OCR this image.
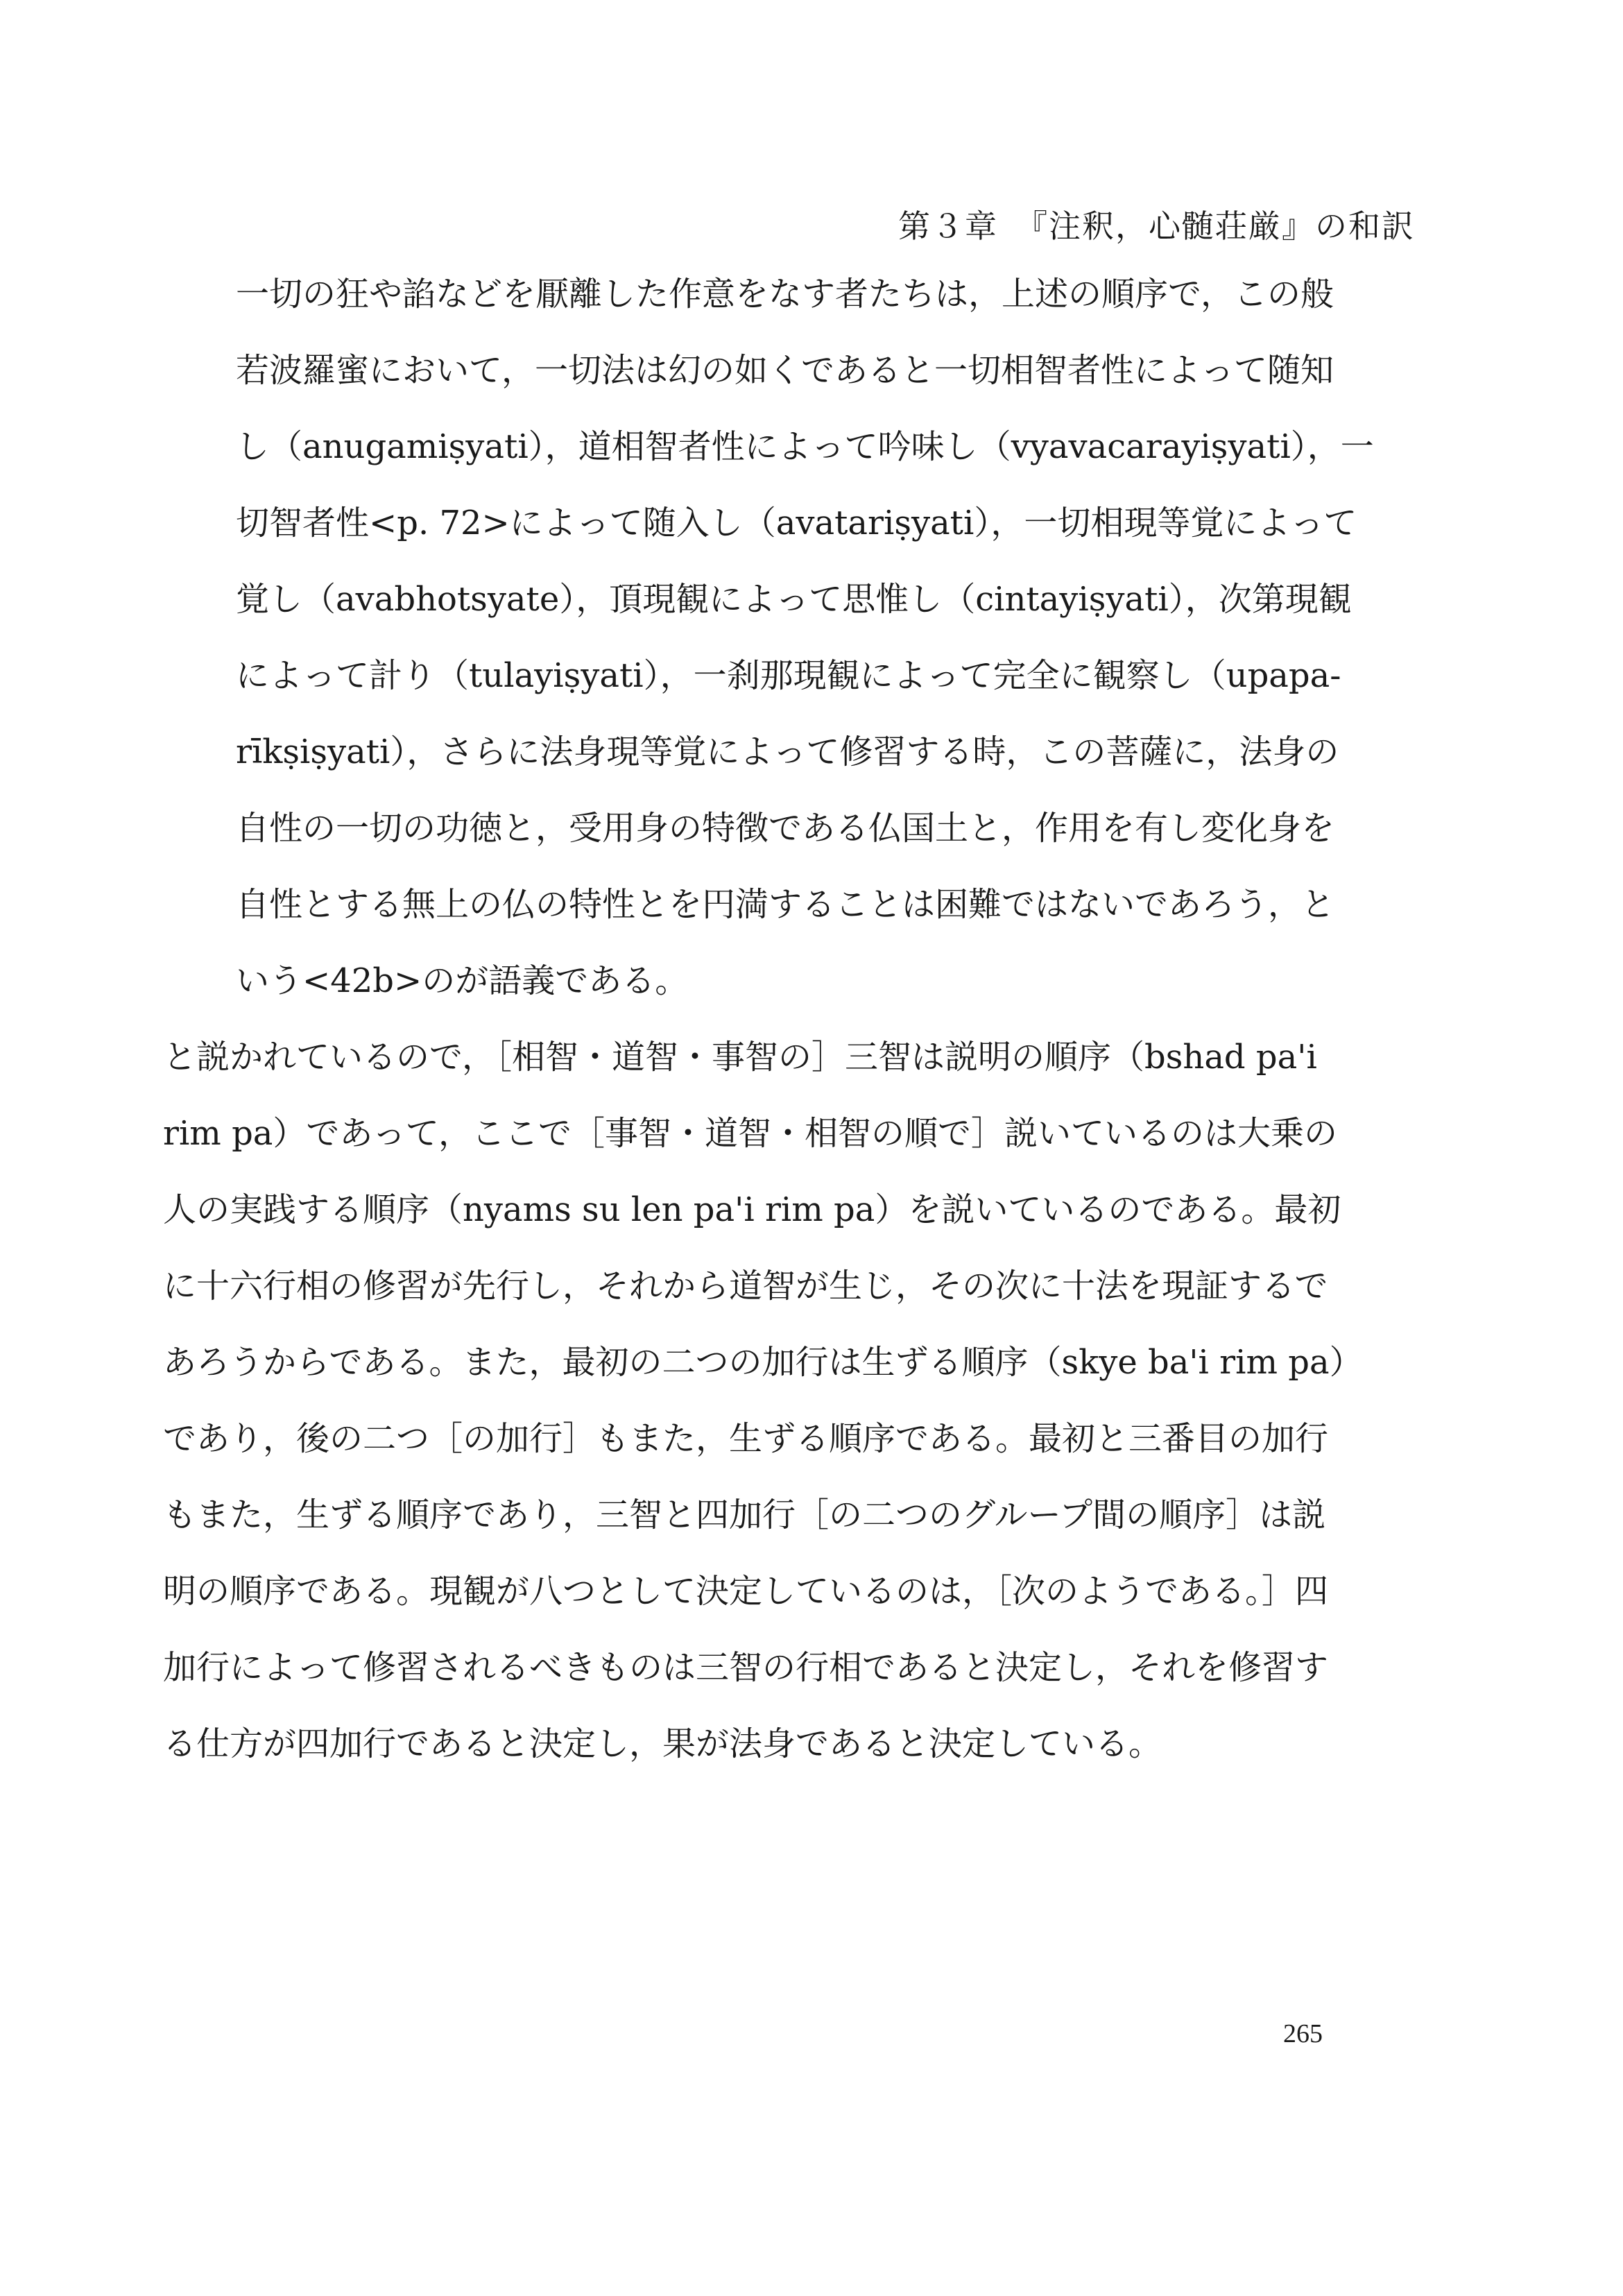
第３章　『注釈，心髄荘厳』の和訳

一切の狂や諂などを厭離した作意をなす者たちは，上述の順序で，この般

若波羅蜜において，一切法は幻の如くであると一切相智者性によって随知

し（anugamiṣyati），道相智者性によって吟味し（vyavacarayiṣyati），一

切智者性<p. 72>によって随入し（avatariṣyati），一切相現等覚によって

覚し（avabhotsyate），頂現観によって思惟し（cintayiṣyati），次第現観

によって計り（tulayiṣyati），一刹那現観によって完全に観察し（upapa-

rīkṣiṣyati），さらに法身現等覚によって修習する時，この菩薩に，法身の

自性の一切の功徳と，受用身の特徴である仏国土と，作用を有し変化身を

自性とする無上の仏の特性とを円満することは困難ではないであろう，と

いう<42b>のが語義である。

と説かれているので，［相智・道智・事智の］三智は説明の順序（bshad pa'i

rim pa）であって，ここで［事智・道智・相智の順で］説いているのは大乗の

人の実践する順序（nyams su len pa'i rim pa）を説いているのである。最初

に十六行相の修習が先行し，それから道智が生じ，その次に十法を現証するで

あろうからである。また，最初の二つの加行は生ずる順序（skye ba'i rim pa）

であり，後の二つ［の加行］もまた，生ずる順序である。最初と三番目の加行

もまた，生ずる順序であり，三智と四加行［の二つのグループ間の順序］は説

明の順序である。現観が八つとして決定しているのは，［次のようである。］四

加行によって修習されるべきものは三智の行相であると決定し，それを修習す

る仕方が四加行であると決定し，果が法身であると決定している。

265
